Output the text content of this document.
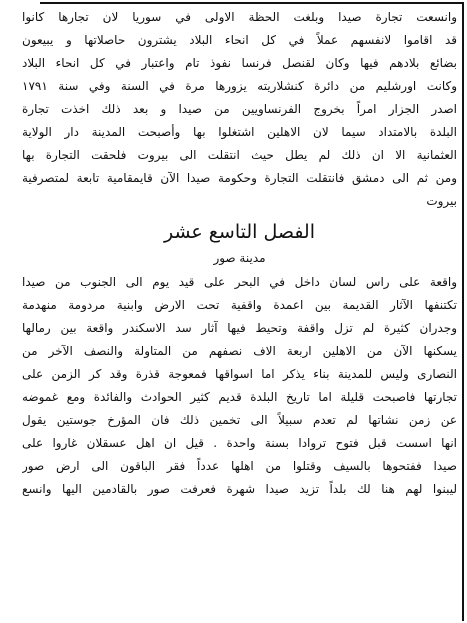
وانسعت تجارة صيدا وبلغت الحظة الاولى في سوريا لان تجارها كانوا
قد اقاموا لانفسهم عملاً في كل انحاء البلاد يشترون حاصلاتها و يبيعون
بضائع بلادهم فيها وكان لقنصل فرنسا نفوذ تام واعتبار في كل انحاء البلاد
وكانت اورشليم من دائرة كنشلاريته يزورها مرة في السنة وفي سنة ١٧٩١
اصدر الجزار امراً بخروج الفرنساويين من صيدا و بعد ذلك اخذت تجارة
البلدة بالامتداد سيما لان الاهلين اشتغلوا بها وأصبحت المدينة دار الولاية
العثمانية الا ان ذلك لم يطل حيث انتقلت الى بيروت فلحقت التجارة بها
ومن ثم الى دمشق فانتقلت التجارة وحكومة صيدا الآن قايمقامية تابعة لمتصرفية
بيروت
الفصل التاسع عشر
مدينة صور
واقعة على راس لسان داخل في البحر على قيد يوم الى الجنوب من صيدا
تكتنفها الآثار القديمة بين اعمدة واقفية تحت الارض وابنية مردومة منهدمة
وجدران كثيرة لم تزل واقفة وتحيط فيها آثار سد الاسكندر واقعة بين رمالها
يسكنها الآن من الاهلين اربعة الاف نصفهم من المتاولة والنصف الآخر من
النصارى وليس للمدينة بناء يذكر اما اسواقها فمعوجة قذرة وقد كر الزمن على
تجارتها فاصبحت قليلة اما تاريخ البلدة قديم كثير الحوادث والفائدة ومع غموضه
عن زمن نشاتها لم تعدم سبيلاً الى تخمين ذلك فان المؤرخ جوستين يقول
انها اسست قبل فتوح تروادا بسنة واحدة . قيل ان اهل عسقلان غاروا على
صيدا ففتحوها بالسيف وقتلوا من اهلها عدداً فقر الباقون الى ارض صور
ليبنوا لهم هنا لك بلداً تزيد صيدا شهرة فعرفت صور بالقادمين اليها وانسع
